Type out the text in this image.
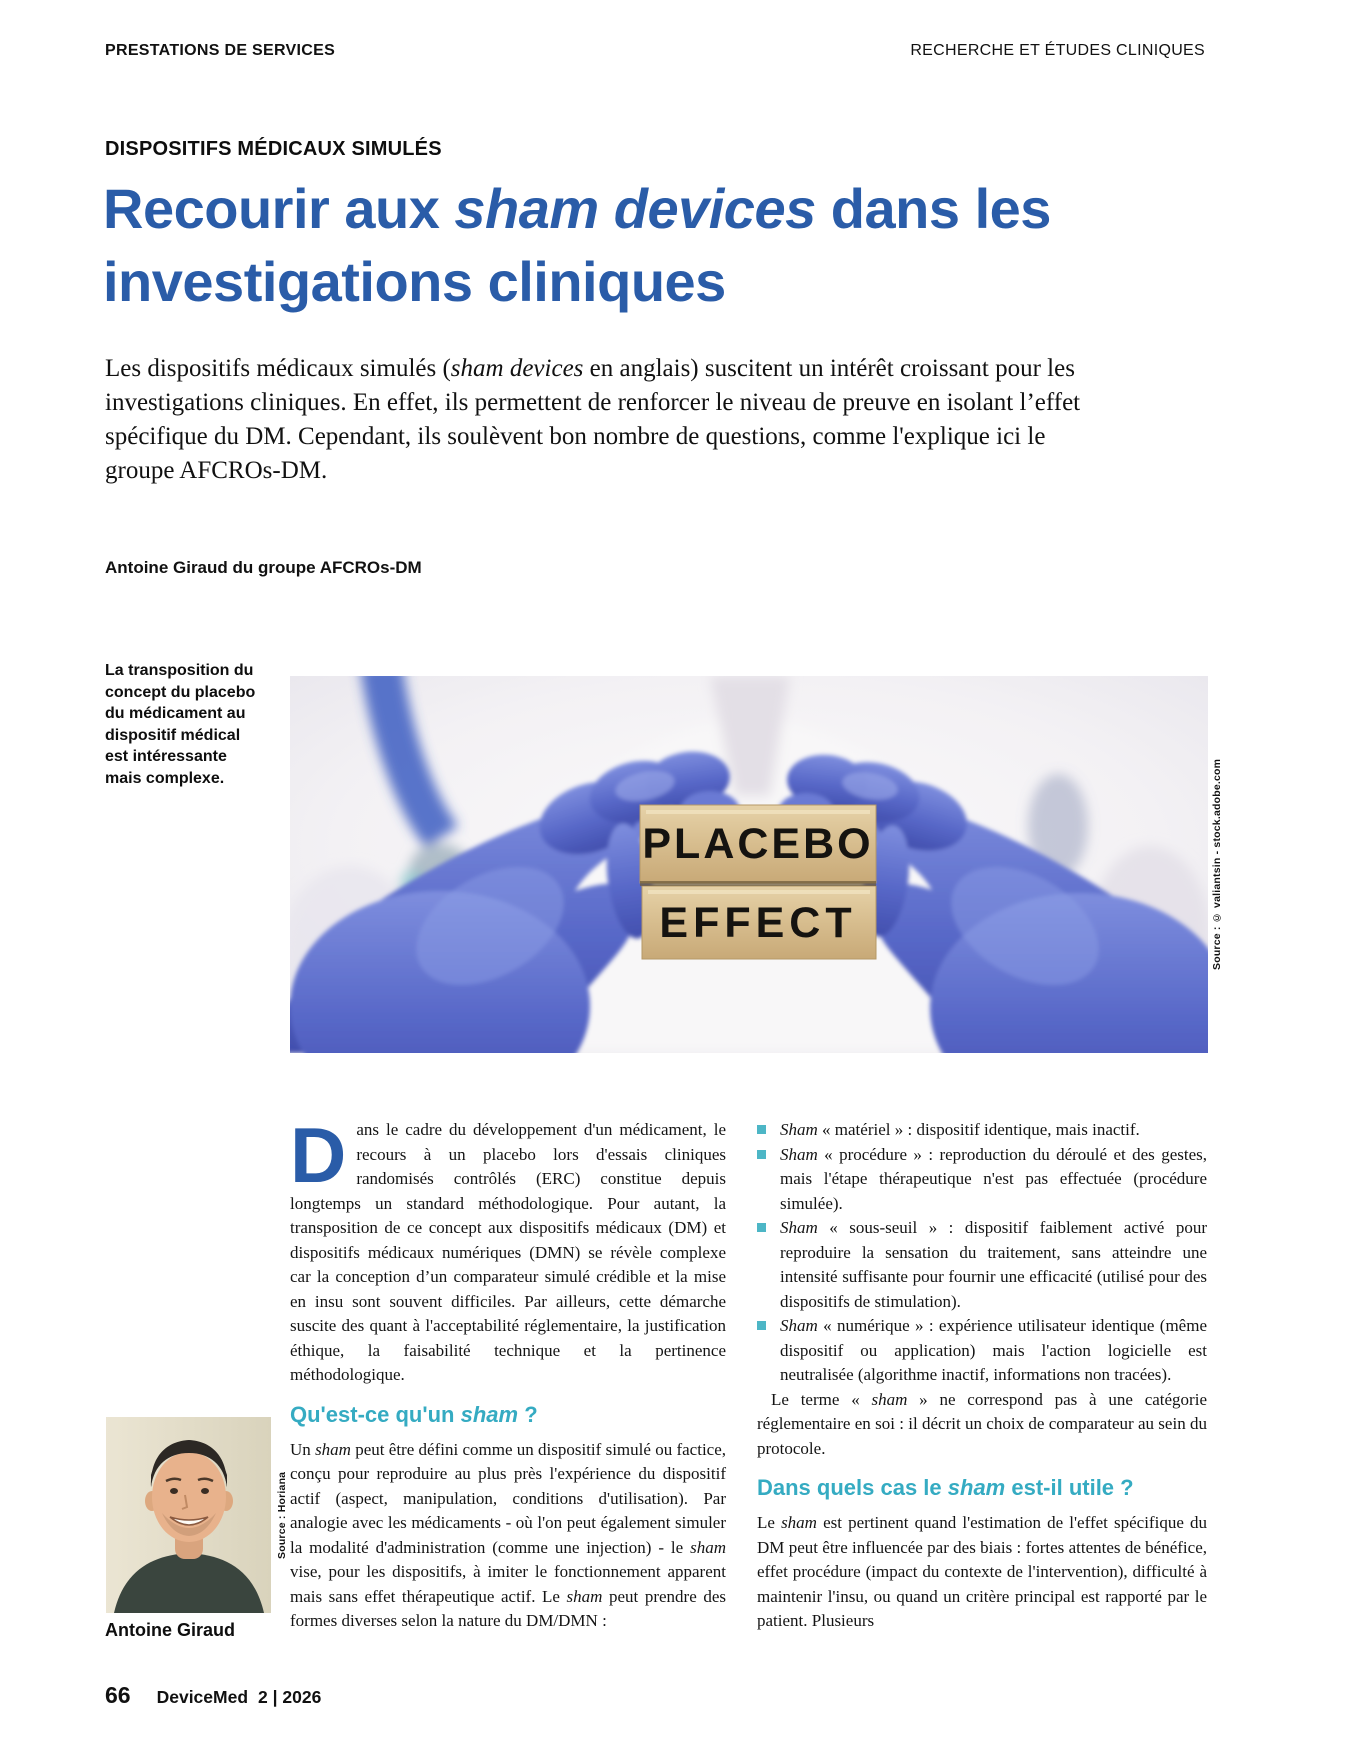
PRESTATIONS DE SERVICES	RECHERCHE ET ÉTUDES CLINIQUES
DISPOSITIFS MÉDICAUX SIMULÉS
Recourir aux sham devices dans les investigations cliniques

Les dispositifs médicaux simulés (sham devices en anglais) suscitent un intérêt croissant pour les investigations cliniques. En effet, ils permettent de renforcer le niveau de preuve en isolant l’effet spécifique du DM. Cependant, ils soulèvent bon nombre de questions, comme l'explique ici le groupe AFCROs-DM.

Antoine Giraud du groupe AFCROs-DM
La transposition du concept du placebo du médicament au dispositif médical est intéressante mais complexe.
PLACEBO
EFFECT	Source : © valiantsin - stock.adobe.com

Dans le cadre du développement d'un médicament, le recours à un placebo lors d'essais cliniques randomisés contrôlés (ERC) constitue depuis longtemps un standard méthodologique. Pour autant, la transposition de ce concept aux dispositifs médicaux (DM) et dispositifs médicaux numériques (DMN) se révèle complexe car la conception d’un comparateur simulé crédible et la mise en insu sont souvent difficiles. Par ailleurs, cette démarche suscite des quant à l'acceptabilité réglementaire, la justification éthique, la faisabilité technique et la pertinence méthodologique.

Qu'est-ce qu'un sham ?

Un sham peut être défini comme un dispositif simulé ou factice, conçu pour reproduire au plus près l'expérience du dispositif actif (aspect, manipulation, conditions d'utilisation). Par analogie avec les médicaments - où l'on peut également simuler la modalité d'administration (comme une injection) - le sham vise, pour les dispositifs, à imiter le fonctionnement apparent mais sans effet thérapeutique actif. Le sham peut prendre des formes diverses selon la nature du DM/DMN :

Sham « matériel » : dispositif identique, mais inactif.
Sham « procédure » : reproduction du déroulé et des gestes, mais l'étape thérapeutique n'est pas effectuée (procédure simulée).
Sham « sous-seuil » : dispositif faiblement activé pour reproduire la sensation du traitement, sans atteindre une intensité suffisante pour fournir une efficacité (utilisé pour des dispositifs de stimulation).
Sham « numérique » : expérience utilisateur identique (même dispositif ou application) mais l'action logicielle est neutralisée (algorithme inactif, informations non tracées).

Le terme « sham » ne correspond pas à une catégorie réglementaire en soi : il décrit un choix de comparateur au sein du protocole.

Dans quels cas le sham est-il utile ?

Le sham est pertinent quand l'estimation de l'effet spécifique du DM peut être influencée par des biais : fortes attentes de bénéfice, effet procédure (impact du contexte de l'intervention), difficulté à maintenir l'insu, ou quand un critère principal est rapporté par le patient. Plusieurs

Source : Horiana
Antoine Giraud
66 DeviceMed 2 | 2026
